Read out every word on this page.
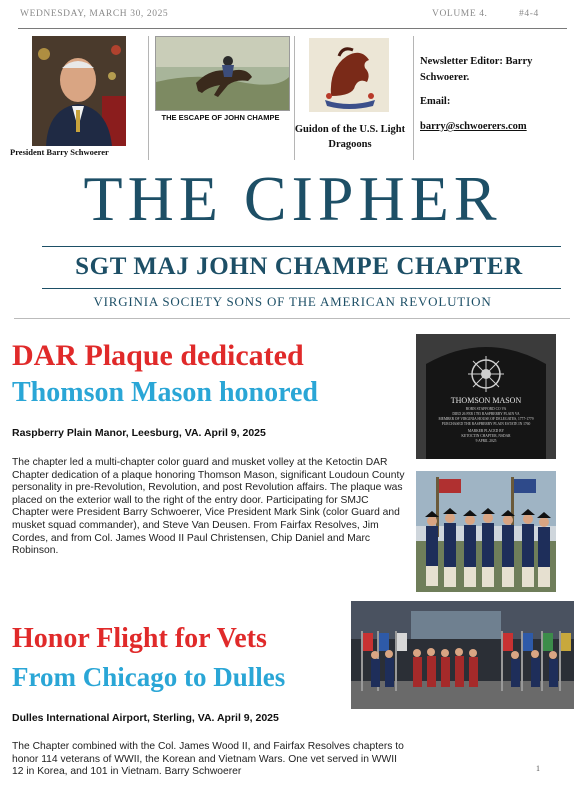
WEDNESDAY, MARCH 30, 2025	VOLUME 4.	#4-4
President Barry Schwoerer
THE ESCAPE OF JOHN CHAMPE
Guidon of the U.S. Light Dragoons
Newsletter Editor: Barry Schwoerer.
Email:
barry@schwoerers.com
THE CIPHER
SGT MAJ JOHN CHAMPE CHAPTER
VIRGINIA SOCIETY SONS OF THE AMERICAN REVOLUTION
DAR Plaque dedicated
Thomson Mason honored
Raspberry Plain Manor, Leesburg, VA. April 9, 2025
The chapter led a multi-chapter color guard and musket volley at the Ketoctin DAR Chapter dedication of a plaque honoring Thomson Mason, significant Loudoun County personality in pre-Revolution, Revolution, and post Revolution affairs. The plaque was placed on the exterior wall to the right of the entry door. Participating for SMJC Chapter were President Barry Schwoerer, Vice President Mark Sink (color Guard and musket squad commander), and Steve Van Deusen. From Fairfax Resolves, Jim Cordes, and from Col. James Wood II Paul Christensen, Chip Daniel and Marc Robinson.
THOMSON MASON
BORN STAFFORD CO VA
DIED 26 FEB 1785 RASPBERRY PLAIN VA
MEMBER OF VIRGINIA HOUSE OF DELEGATES, 1777-1779
PURCHASED THE RASPBERRY PLAIN ESTATE IN 1760
MARKER PLACED BY
KETOCTIN CHAPTER, NSDAR
9 APRIL 2025
Honor Flight for Vets
From Chicago to Dulles
Dulles International Airport, Sterling, VA. April 9, 2025
The Chapter combined with the Col. James Wood II, and Fairfax Resolves chapters to honor 114 veterans of WWII, the Korean and Vietnam Wars. One vet served in WWII 12 in Korea, and 101 in Vietnam. Barry Schwoerer	1
